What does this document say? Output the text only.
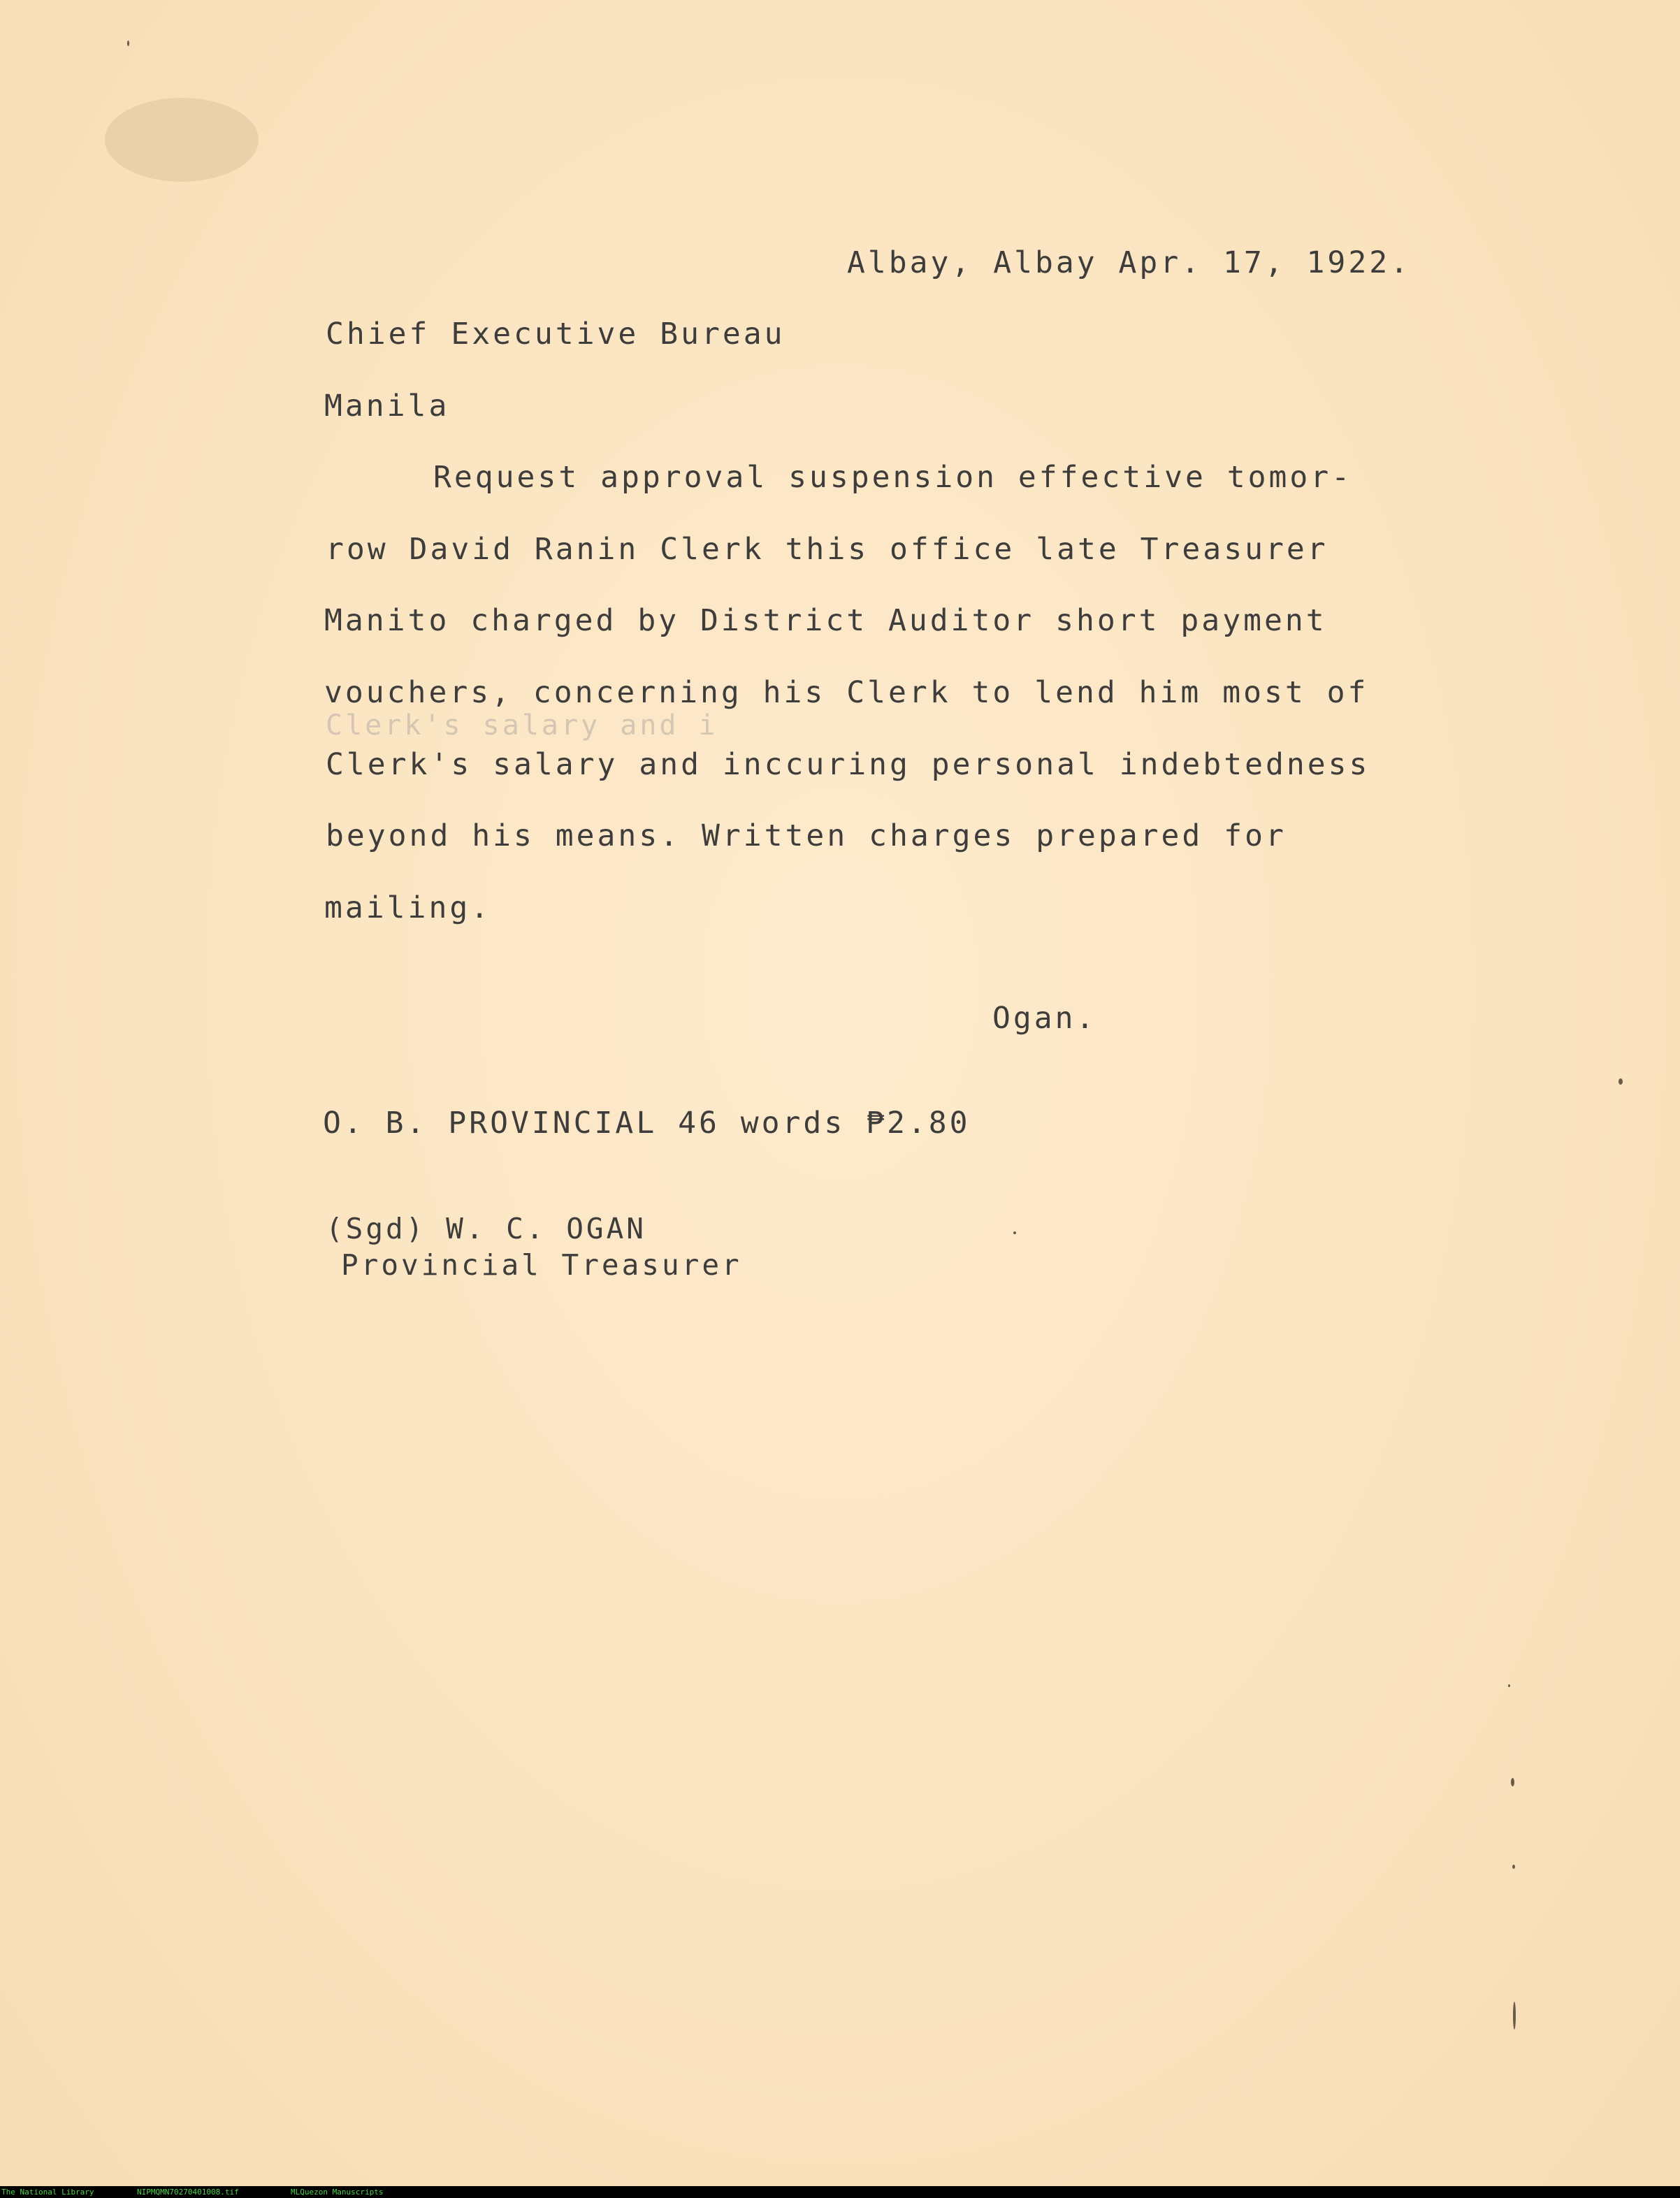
Albay, Albay Apr. 17, 1922.

Chief Executive Bureau

Manila

Request approval suspension effective tomor-

row David Ranin Clerk this office late Treasurer

Manito charged by District Auditor short payment

vouchers, concerning his Clerk to lend him most of

Clerk's salary and i

Clerk's salary and inccuring personal indebtedness

beyond his means. Written charges prepared for

mailing.

Ogan.

O. B. PROVINCIAL 46 words ₱2.80

(Sgd) W. C. OGAN

Provincial Treasurer

The National Library	NIPMQMN70270401008.tif	MLQuezon Manuscripts
